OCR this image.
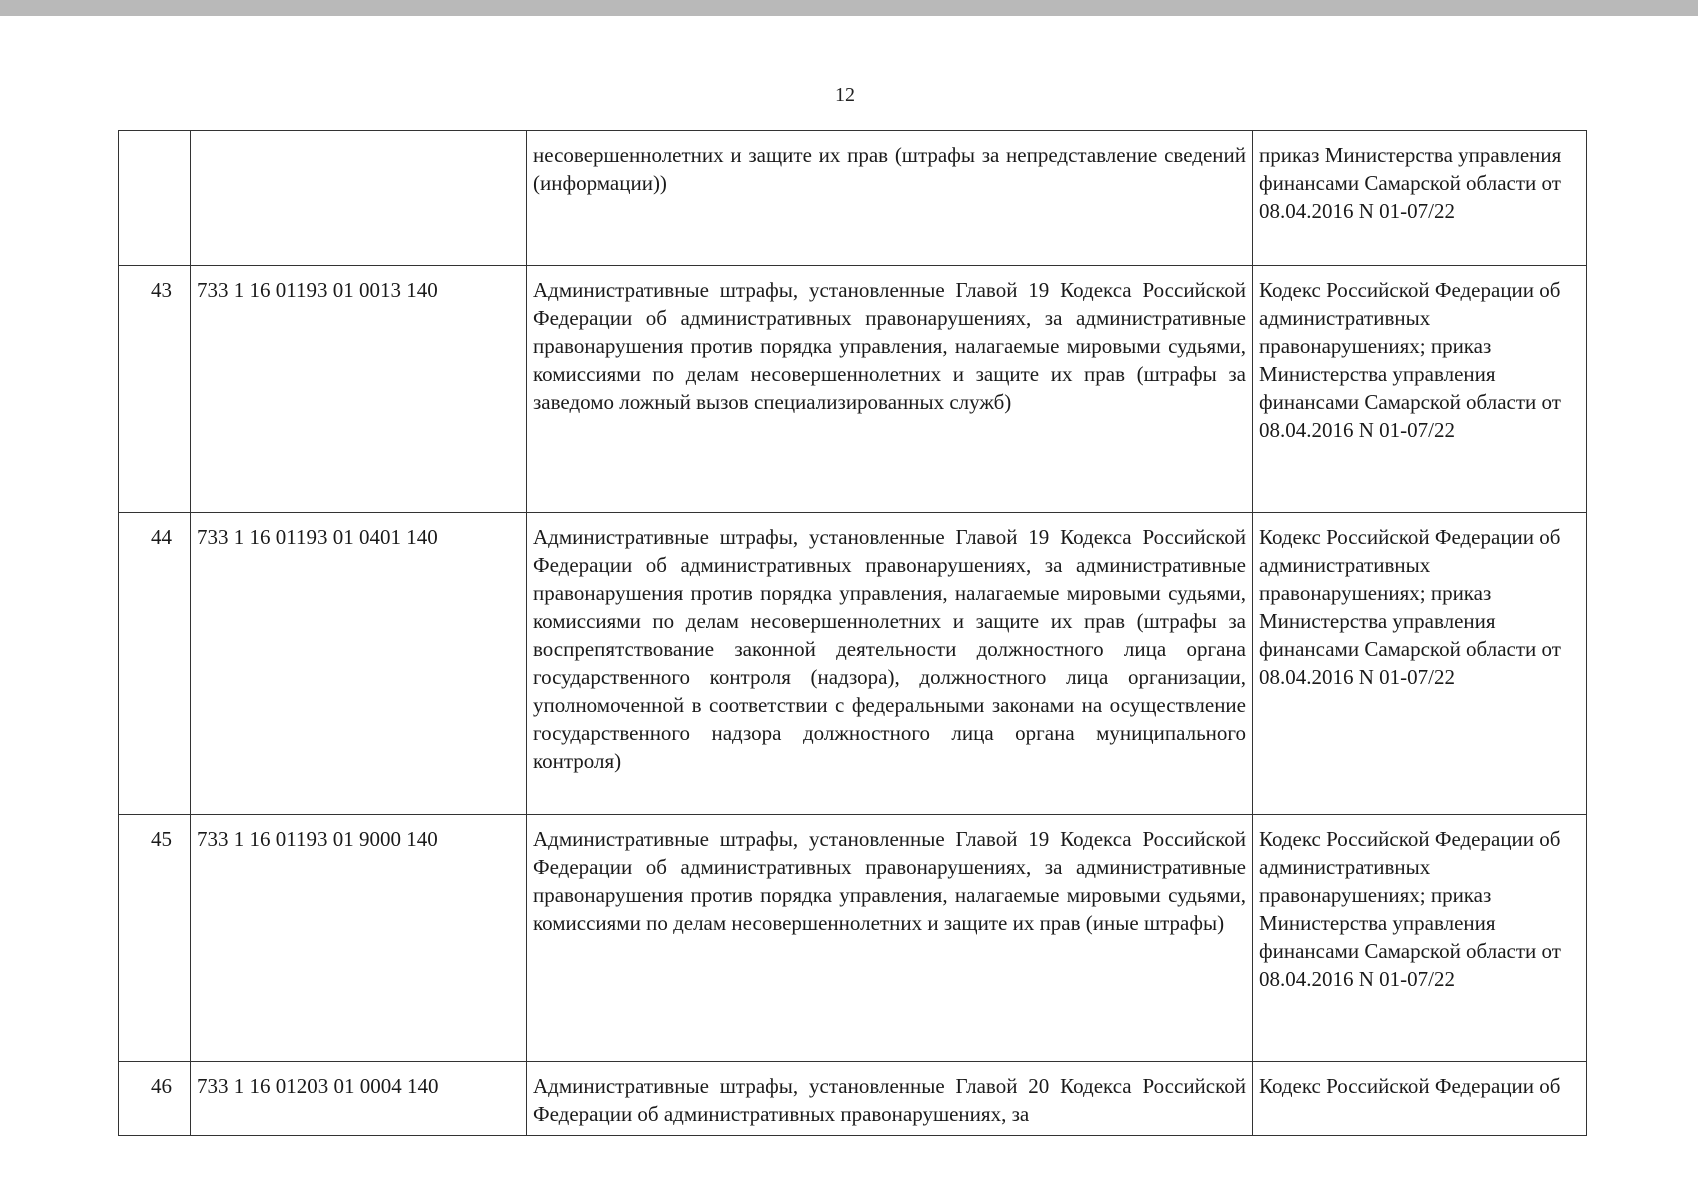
12
		несовершеннолетних и защите их прав (штрафы за непредставление сведений (информации))	приказ Министерства управления финансами Самарской области от 08.04.2016 N 01-07/22
43	733 1 16 01193 01 0013 140	Административные штрафы, установленные Главой 19 Кодекса Российской Федерации об административных правонарушениях, за административные правонарушения против порядка управления, налагаемые мировыми судьями, комиссиями по делам несовершеннолетних и защите их прав (штрафы за заведомо ложный вызов специализированных служб)	Кодекс Российской Федерации об административных правонарушениях; приказ Министерства управления финансами Самарской области от 08.04.2016 N 01-07/22
44	733 1 16 01193 01 0401 140	Административные штрафы, установленные Главой 19 Кодекса Российской Федерации об административных правонарушениях, за административные правонарушения против порядка управления, налагаемые мировыми судьями, комиссиями по делам несовершеннолетних и защите их прав (штрафы за воспрепятствование законной деятельности должностного лица органа государственного контроля (надзора), должностного лица организации, уполномоченной в соответствии с федеральными законами на осуществление государственного надзора должностного лица органа муниципального контроля)	Кодекс Российской Федерации об административных правонарушениях; приказ Министерства управления финансами Самарской области от 08.04.2016 N 01-07/22
45	733 1 16 01193 01 9000 140	Административные штрафы, установленные Главой 19 Кодекса Российской Федерации об административных правонарушениях, за административные правонарушения против порядка управления, налагаемые мировыми судьями, комиссиями по делам несовершеннолетних и защите их прав (иные штрафы)	Кодекс Российской Федерации об административных правонарушениях; приказ Министерства управления финансами Самарской области от 08.04.2016 N 01-07/22
46	733 1 16 01203 01 0004 140	Административные штрафы, установленные Главой 20 Кодекса Российской Федерации об административных правонарушениях, за	Кодекс Российской Федерации об
